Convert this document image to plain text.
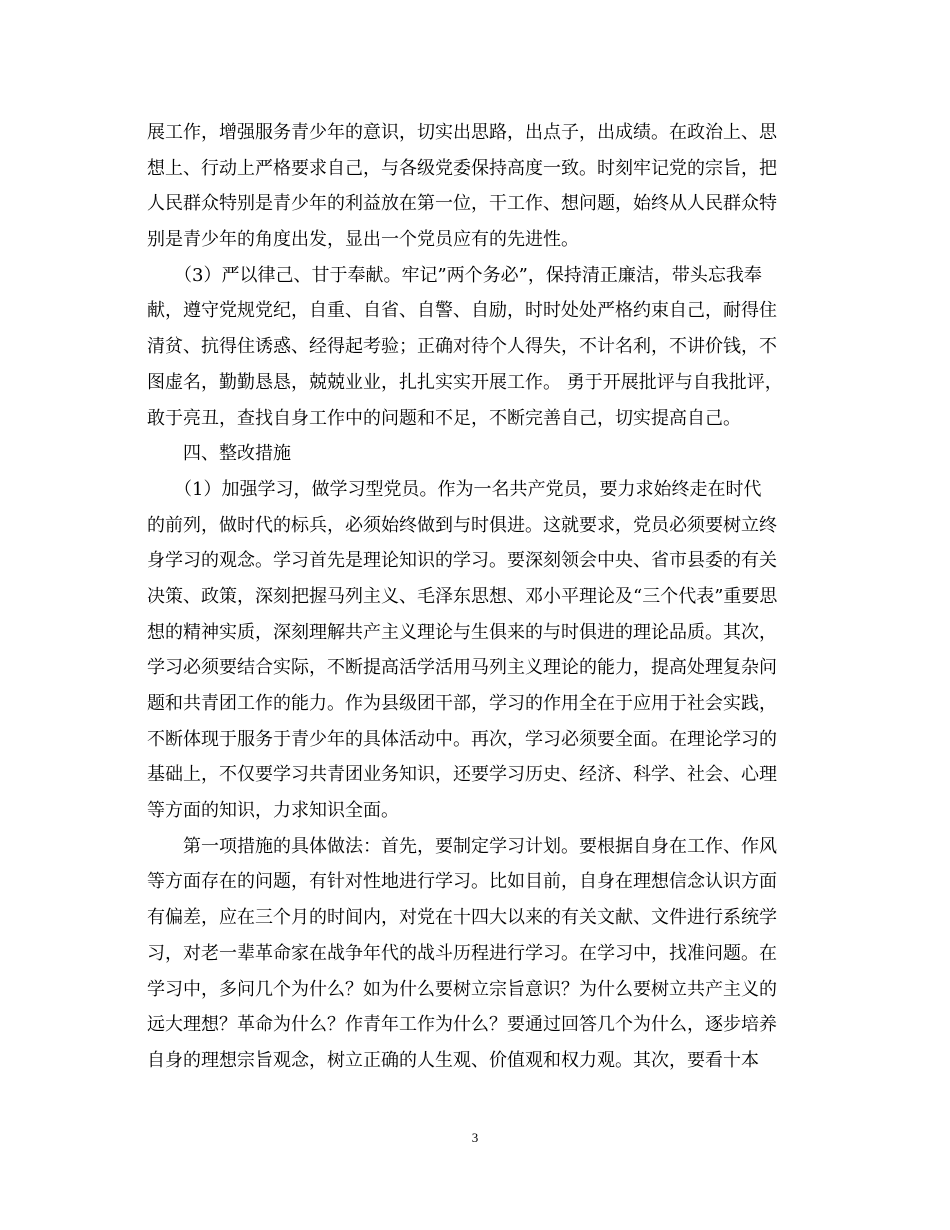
展工作，增强服务青少年的意识，切实出思路，出点子，出成绩。在政治上、思
想上、行动上严格要求自己，与各级党委保持高度一致。时刻牢记党的宗旨，把
人民群众特别是青少年的利益放在第一位，干工作、想问题，始终从人民群众特
别是青少年的角度出发，显出一个党员应有的先进性。
　　（3）严以律己、甘于奉献。牢记”两个务必”，保持清正廉洁，带头忘我奉
献，遵守党规党纪，自重、自省、自警、自励，时时处处严格约束自己，耐得住
清贫、抗得住诱惑、经得起考验；正确对待个人得失，不计名利，不讲价钱，不
图虚名，勤勤恳恳，兢兢业业，扎扎实实开展工作。 勇于开展批评与自我批评，
敢于亮丑，查找自身工作中的问题和不足，不断完善自己，切实提高自己。
　　四、整改措施
　　（1）加强学习，做学习型党员。作为一名共产党员，要力求始终走在时代
的前列，做时代的标兵，必须始终做到与时俱进。这就要求，党员必须要树立终
身学习的观念。学习首先是理论知识的学习。要深刻领会中央、省市县委的有关
决策、政策，深刻把握马列主义、毛泽东思想、邓小平理论及“三个代表”重要思
想的精神实质，深刻理解共产主义理论与生俱来的与时俱进的理论品质。其次，
学习必须要结合实际，不断提高活学活用马列主义理论的能力，提高处理复杂问
题和共青团工作的能力。作为县级团干部，学习的作用全在于应用于社会实践，
不断体现于服务于青少年的具体活动中。再次，学习必须要全面。在理论学习的
基础上，不仅要学习共青团业务知识，还要学习历史、经济、科学、社会、心理
等方面的知识，力求知识全面。
　　第一项措施的具体做法：首先，要制定学习计划。要根据自身在工作、作风
等方面存在的问题，有针对性地进行学习。比如目前，自身在理想信念认识方面
有偏差，应在三个月的时间内，对党在十四大以来的有关文献、文件进行系统学
习，对老一辈革命家在战争年代的战斗历程进行学习。在学习中，找准问题。在
学习中，多问几个为什么？如为什么要树立宗旨意识？为什么要树立共产主义的
远大理想？革命为什么？作青年工作为什么？要通过回答几个为什么，逐步培养
自身的理想宗旨观念，树立正确的人生观、价值观和权力观。其次，要看十本
3
